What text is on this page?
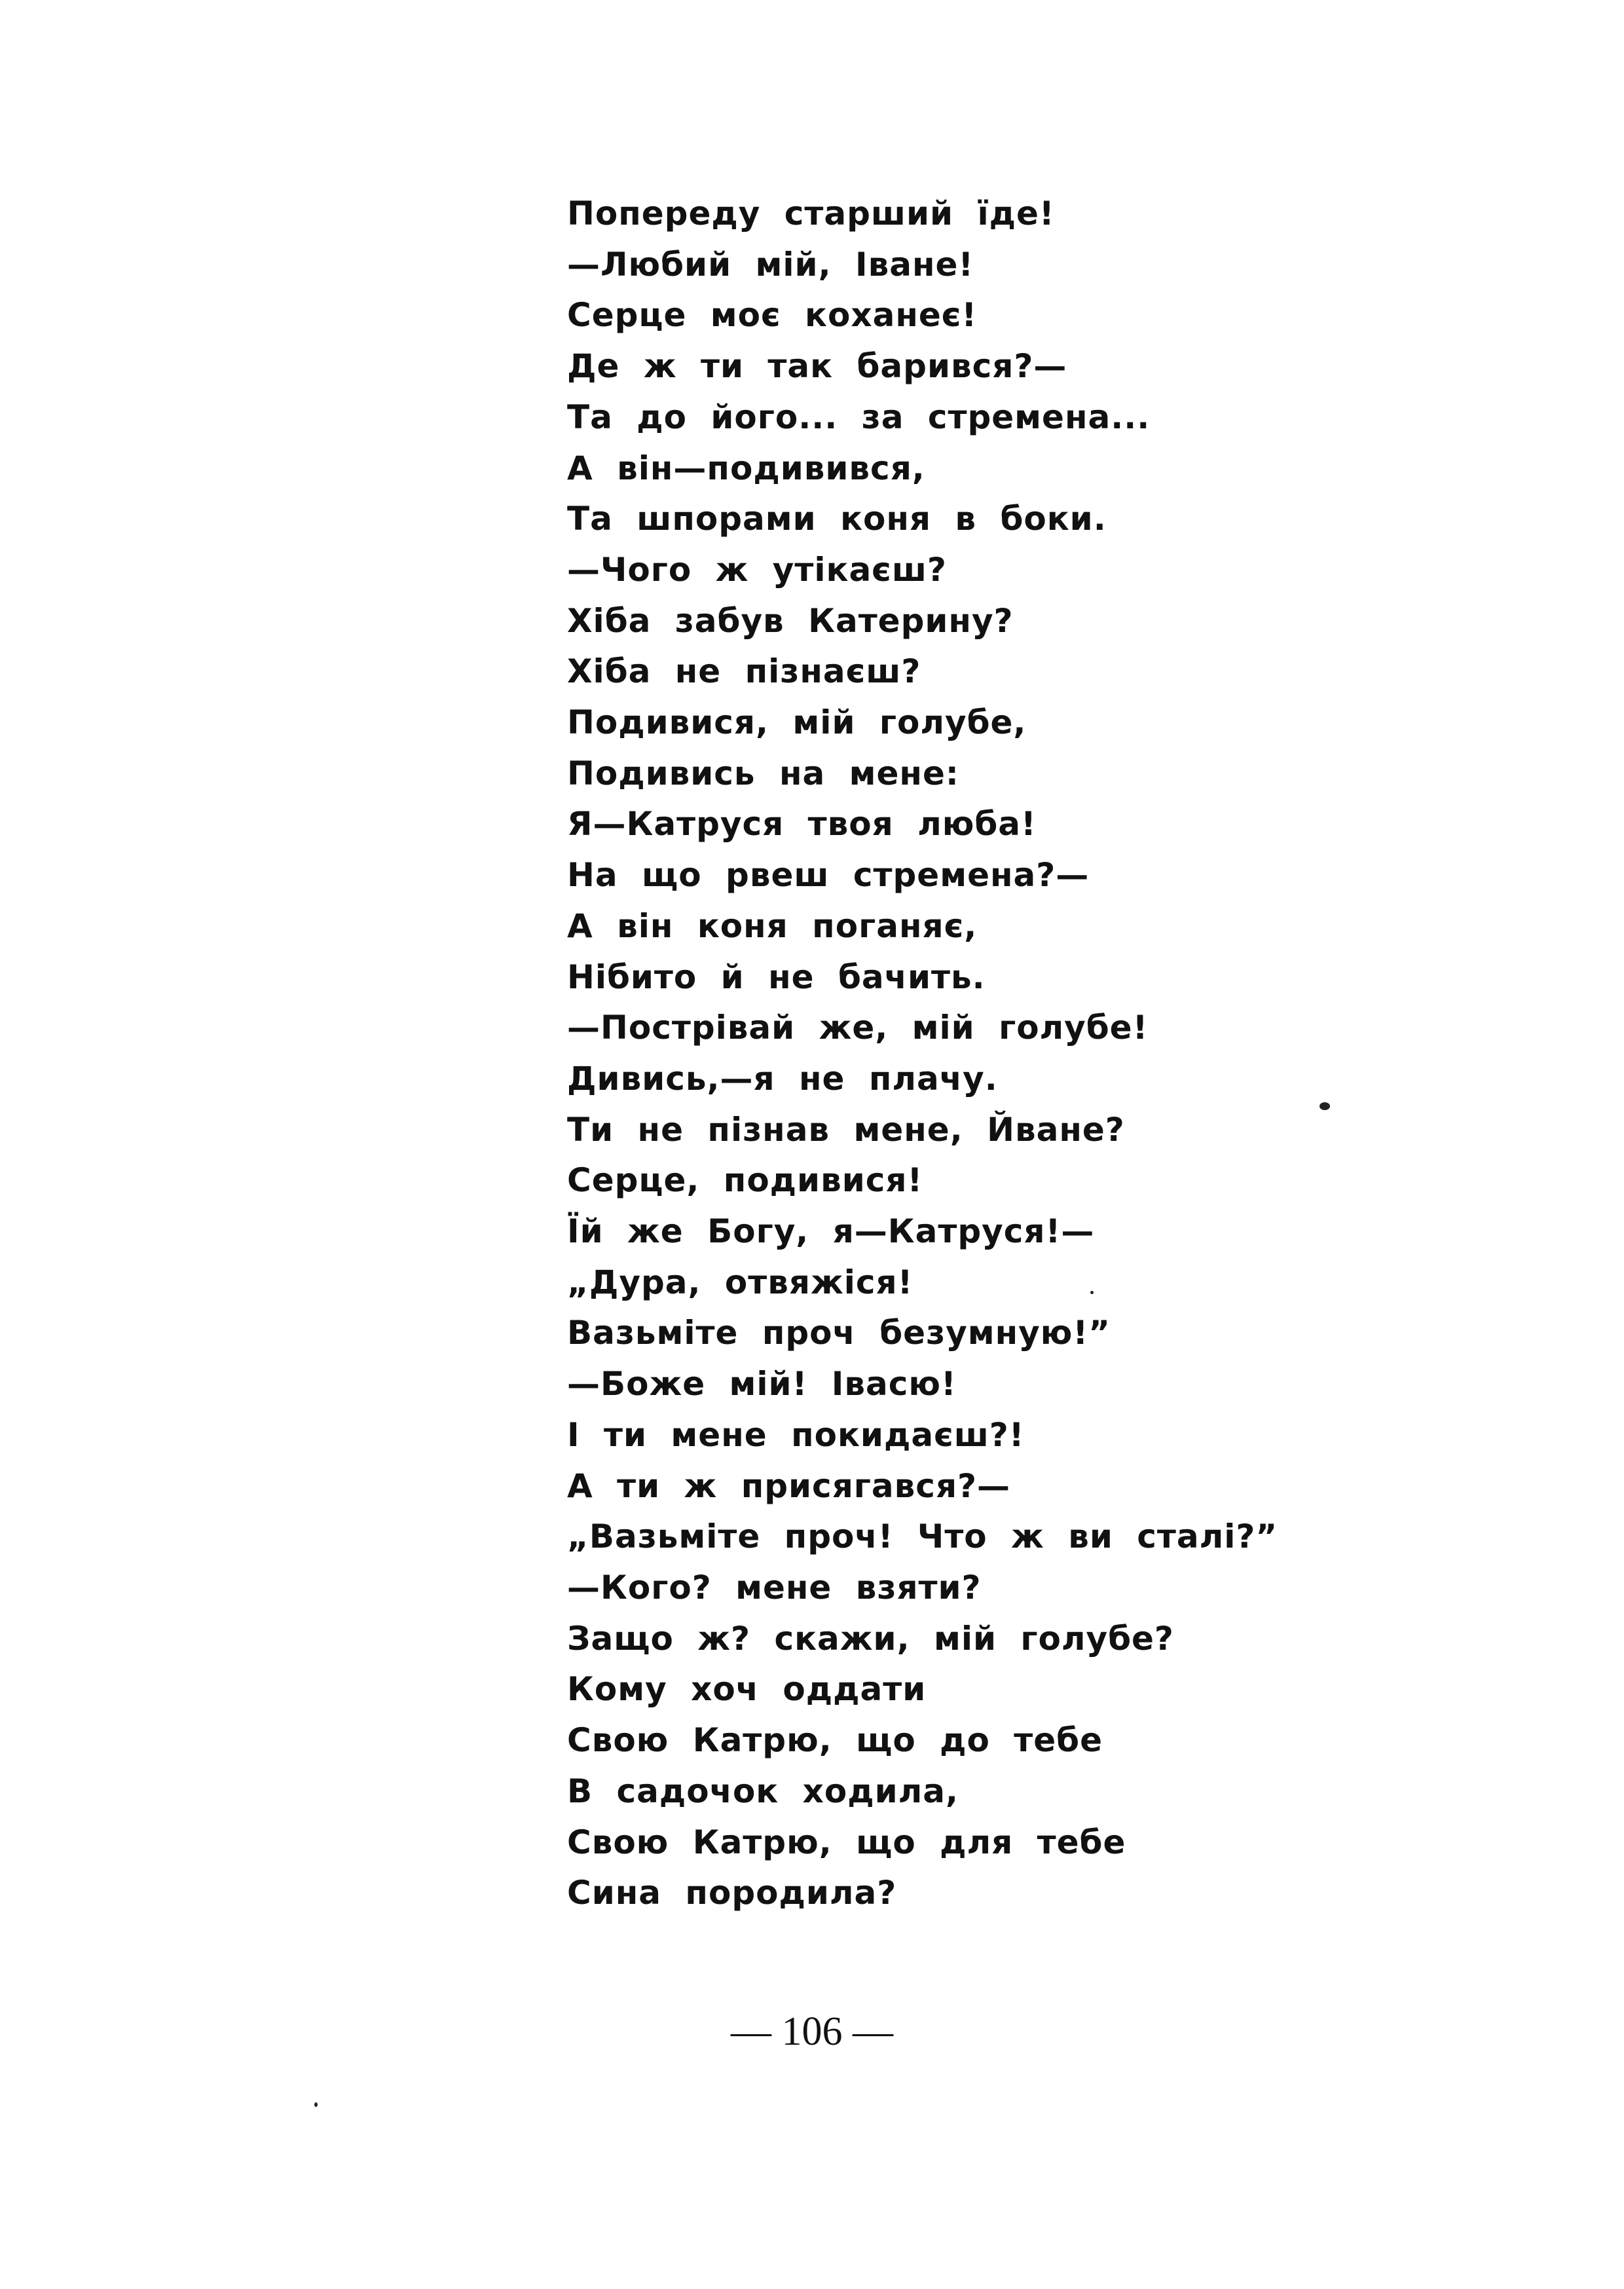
Попереду старший їде!
—Любий мій, Іване!
Серце моє коханеє!
Де ж ти так барився?—
Та до його... за стремена...
А він—подивився,
Та шпорами коня в боки.
—Чого ж утікаєш?
Хіба забув Катерину?
Хіба не пізнаєш?
Подивися, мій голубе,
Подивись на мене:
Я—Катруся твоя люба!
На що рвеш стремена?—
А він коня поганяє,
Нібито й не бачить.
—Пострівай же, мій голубе!
Дивись,—я не плачу.
Ти не пізнав мене, Йване?
Серце, подивися!
Їй же Богу, я—Катруся!—
„Дура, отвяжіся!
Вазьміте проч безумную!”
—Боже мій! Івасю!
І ти мене покидаєш?!
А ти ж присягався?—
„Вазьміте проч! Что ж ви сталі?”
—Кого? мене взяти?
Защо ж? скажи, мій голубе?
Кому хоч оддати
Свою Катрю, що до тебе
В садочок ходила,
Свою Катрю, що для тебе
Сина породила?
— 106 —
